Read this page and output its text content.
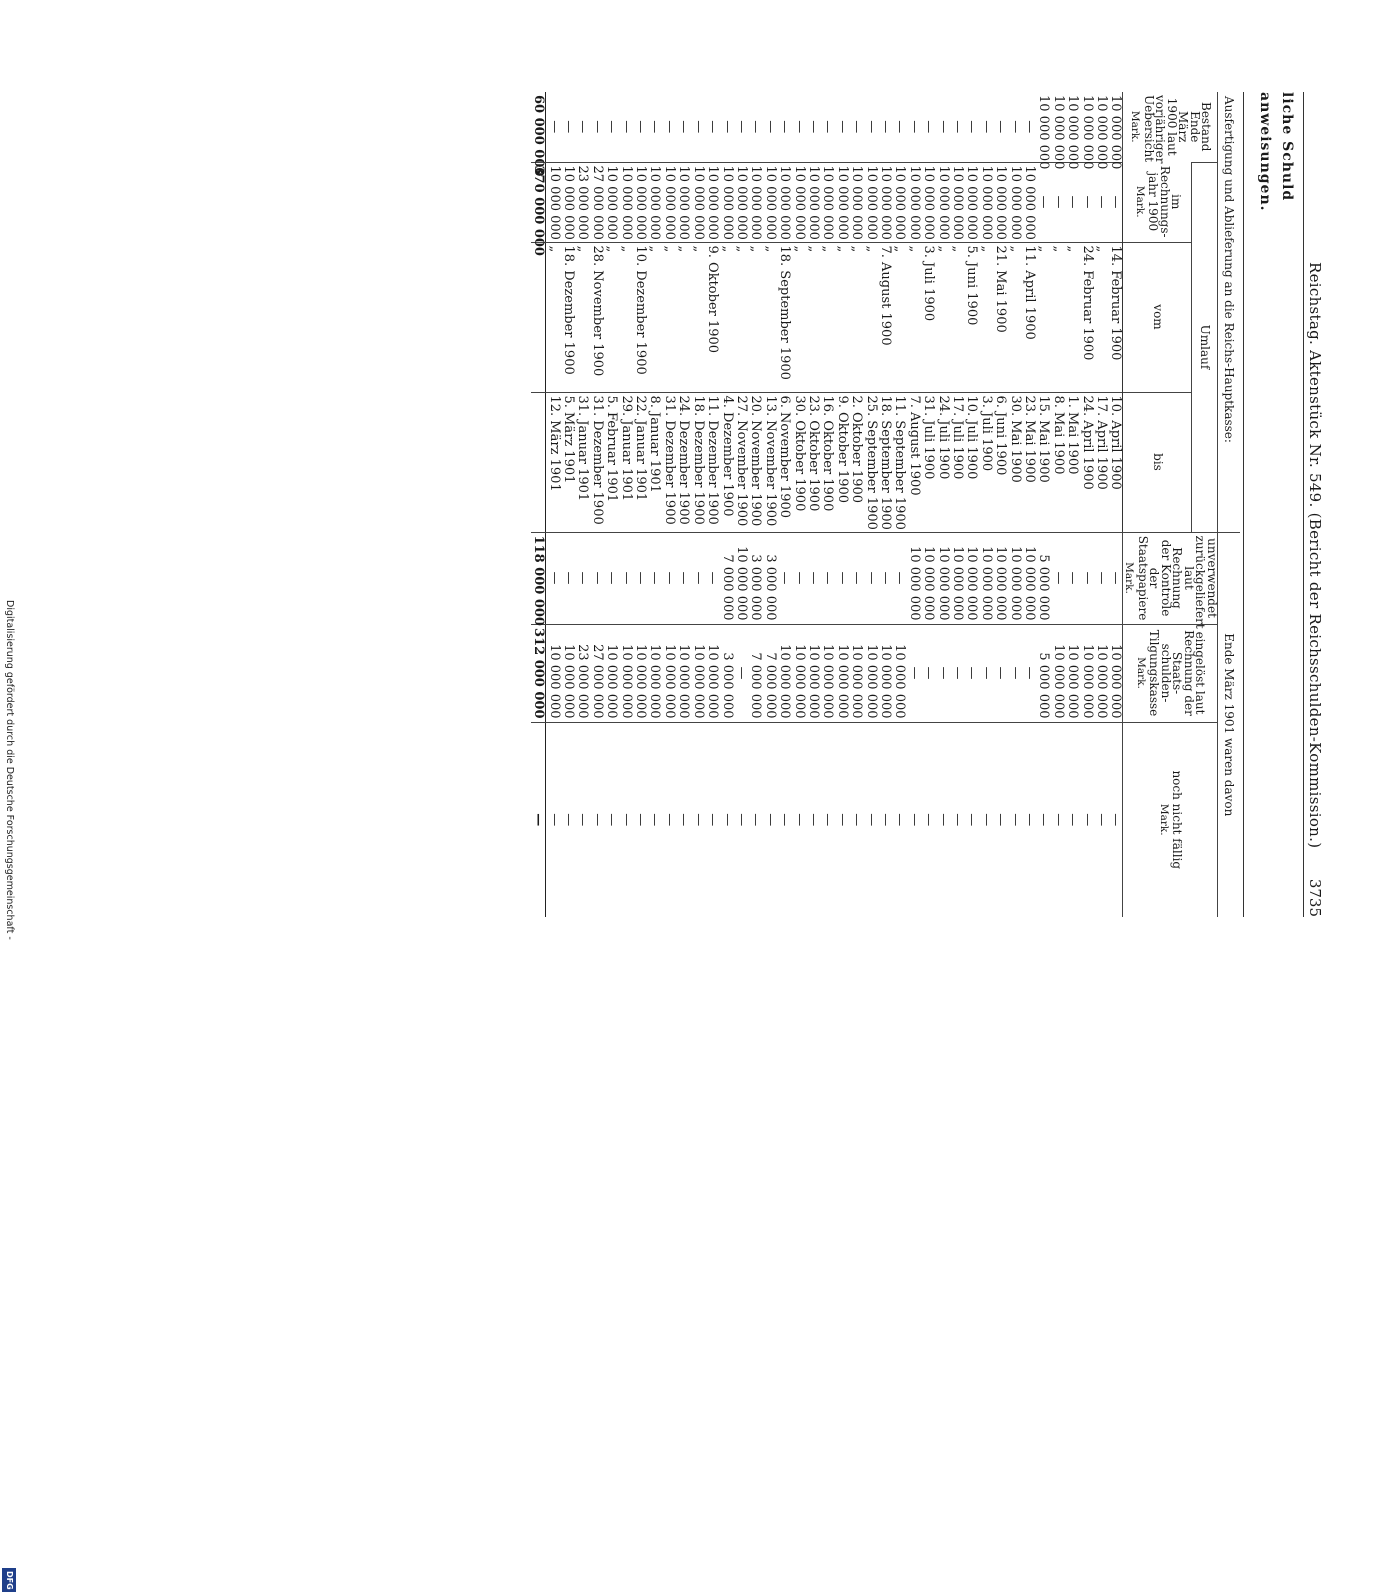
Digitalisierung gefördert durch die Deutsche Forschungsgemeinschaft -
DFG
Reichstag. Aktenstück Nr. 549. (Bericht der Reichsschulden-Kommission.)
3735
liche Schuld
anweisungen.
Ausfertigung und Ablieferung an die Reichs-Hauptkasse:				Ende März 1901 waren davon		

Bestand Ende März 1900 laut vorjähriger Uebersicht
Mark.	Umlauf			unverwendet zurückgeliefert laut Rechnung der Kontrole der Staatspapiere
Mark.	eingelöst laut Rechnung der Staats-schulden-Tilgungskasse
Mark.	noch nicht fällig
Mark.

	im Rechnungs-jahr 1900
Mark.	vom	bis			
10 000 000	—	14. Februar 1900	10. April 1900	—	10 000 000	—
10 000 000	—	„	17. April 1900	—	10 000 000	—
10 000 000	—	24. Februar 1900	24. April 1900	—	10 000 000	—
10 000 000	—	„	1. Mai 1900	—	10 000 000	—
10 000 000	—	„	8. Mai 1900	—	10 000 000	—
10 000 000	—	„	15. Mai 1900	5 000 000	5 000 000	—
—	10 000 000	11. April 1900	23. Mai 1900	10 000 000	—	—
—	10 000 000	„	30. Mai 1900	10 000 000	—	—
—	10 000 000	21. Mai 1900	6. Juni 1900	10 000 000	—	—
—	10 000 000	„	3. Juli 1900	10 000 000	—	—
—	10 000 000	5. Juni 1900	10. Juli 1900	10 000 000	—	—
—	10 000 000	„	17. Juli 1900	10 000 000	—	—
—	10 000 000	„	24. Juli 1900	10 000 000	—	—
—	10 000 000	3. Juli 1900	31. Juli 1900	10 000 000	—	—
—	10 000 000	„	7. August 1900	10 000 000	—	—
—	10 000 000	„	11. September 1900	—	10 000 000	—
—	10 000 000	7. August 1900	18. September 1900	—	10 000 000	—
—	10 000 000	„	25. September 1900	—	10 000 000	—
—	10 000 000	„	2. Oktober 1900	—	10 000 000	—
—	10 000 000	„	9. Oktober 1900	—	10 000 000	—
—	10 000 000	„	16. Oktober 1900	—	10 000 000	—
—	10 000 000	„	23. Oktober 1900	—	10 000 000	—
—	10 000 000	„	30. Oktober 1900	—	10 000 000	—
—	10 000 000	18. September 1900	6. November 1900	—	10 000 000	—
—	10 000 000	„	13. November 1900	3 000 000	7 000 000	—
—	10 000 000	„	20. November 1900	3 000 000	7 000 000	—
—	10 000 000	„	27. November 1900	10 000 000	—	—
—	10 000 000	„	4. Dezember 1900	7 000 000	3 000 000	—
—	10 000 000	9. Oktober 1900	11. Dezember 1900	—	10 000 000	—
—	10 000 000	„	18. Dezember 1900	—	10 000 000	—
—	10 000 000	„	24. Dezember 1900	—	10 000 000	—
—	10 000 000	„	31. Dezember 1900	—	10 000 000	—
—	10 000 000	„	8. Januar 1901	—	10 000 000	—
—	10 000 000	10. Dezember 1900	22. Januar 1901	—	10 000 000	—
—	10 000 000	„	29. Januar 1901	—	10 000 000	—
—	10 000 000	„	5. Februar 1901	—	10 000 000	—
—	27 000 000	28. November 1900	31. Dezember 1900	—	27 000 000	—
—	23 000 000	„	31. Januar 1901	—	23 000 000	—
—	10 000 000	18. Dezember 1900	5. März 1901	—	10 000 000	—
—	10 000 000	„	12. März 1901	—	10 000 000	—
60 000 000	370 000 000			118 000 000	312 000 000	—
